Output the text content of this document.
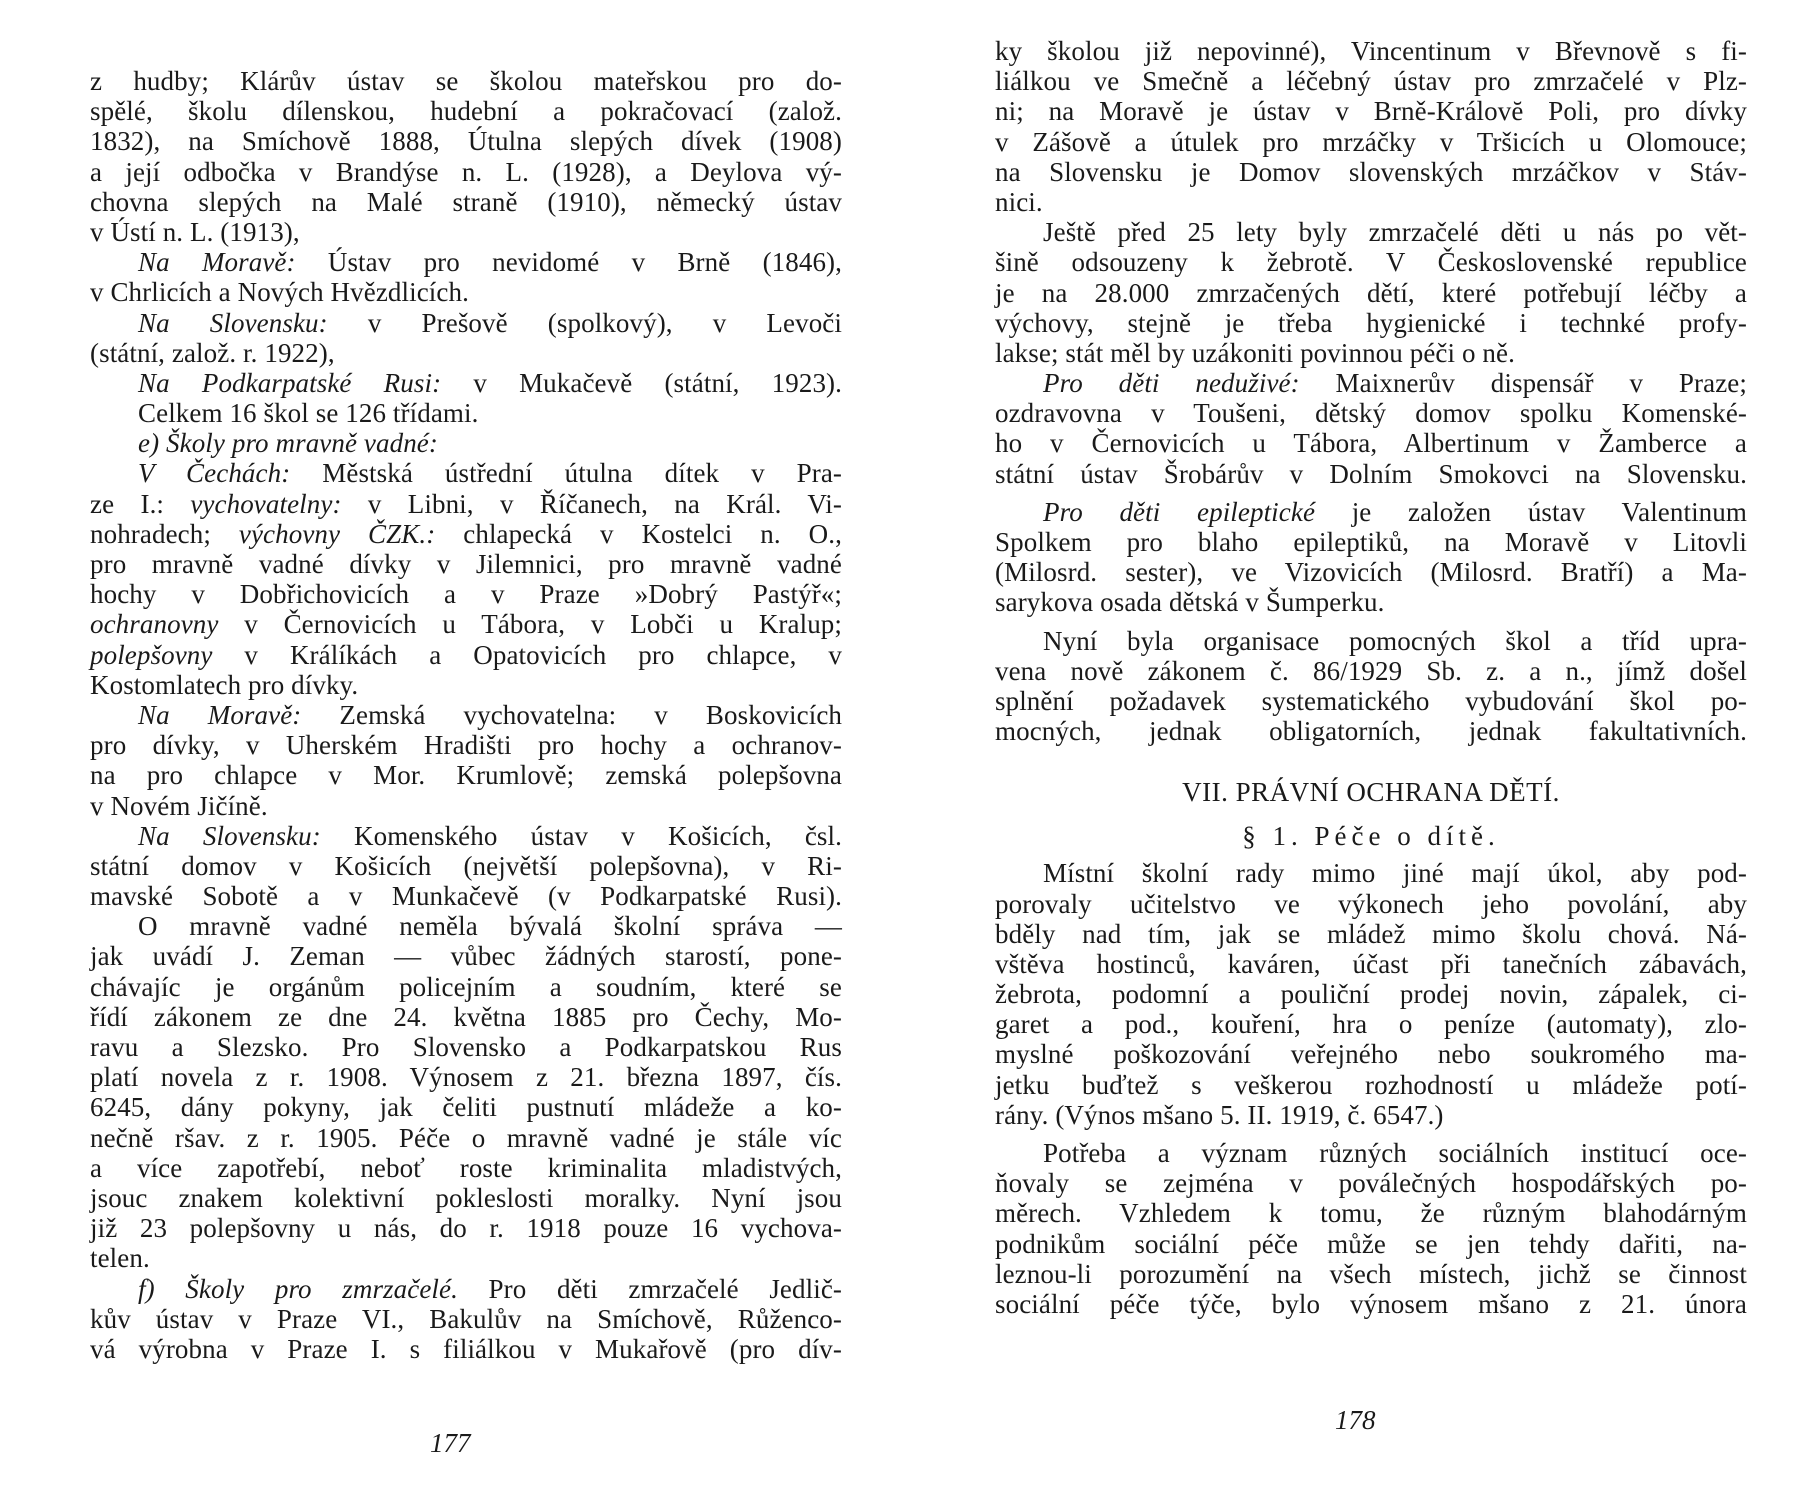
z hudby; Klárův ústav se školou mateřskou pro do-
spělé, školu dílenskou, hudební a pokračovací (založ.
1832), na Smíchově 1888, Útulna slepých dívek (1908)
a její odbočka v Brandýse n. L. (1928), a Deylova vý-
chovna slepých na Malé straně (1910), německý ústav
v Ústí n. L. (1913),
Na Moravě: Ústav pro nevidomé v Brně (1846),
v Chrlicích a Nových Hvězdlicích.
Na Slovensku: v Prešově (spolkový), v Levoči
(státní, založ. r. 1922),
Na Podkarpatské Rusi: v Mukačevě (státní, 1923).
Celkem 16 škol se 126 třídami.
e) Školy pro mravně vadné:
V Čechách: Městská ústřední útulna dítek v Pra-
ze I.: vychovatelny: v Libni, v Říčanech, na Král. Vi-
nohradech; výchovny ČZK.: chlapecká v Kostelci n. O.,
pro mravně vadné dívky v Jilemnici, pro mravně vadné
hochy v Dobřichovicích a v Praze »Dobrý Pastýř«;
ochranovny v Černovicích u Tábora, v Lobči u Kralup;
polepšovny v Králíkách a Opatovicích pro chlapce, v
Kostomlatech pro dívky.
Na Moravě: Zemská vychovatelna: v Boskovicích
pro dívky, v Uherském Hradišti pro hochy a ochranov-
na pro chlapce v Mor. Krumlově; zemská polepšovna
v Novém Jičíně.
Na Slovensku: Komenského ústav v Košicích, čsl.
státní domov v Košicích (největší polepšovna), v Ri-
mavské Sobotě a v Munkačevě (v Podkarpatské Rusi).
O mravně vadné neměla bývalá školní správa —
jak uvádí J. Zeman — vůbec žádných starostí, pone-
chávajíc je orgánům policejním a soudním, které se
řídí zákonem ze dne 24. května 1885 pro Čechy, Mo-
ravu a Slezsko. Pro Slovensko a Podkarpatskou Rus
platí novela z r. 1908. Výnosem z 21. března 1897, čís.
6245, dány pokyny, jak čeliti pustnutí mládeže a ko-
nečně ršav. z r. 1905. Péče o mravně vadné je stále víc
a více zapotřebí, neboť roste kriminalita mladistvých,
jsouc znakem kolektivní pokleslosti moralky. Nyní jsou
již 23 polepšovny u nás, do r. 1918 pouze 16 vychova-
telen.
f) Školy pro zmrzačelé. Pro děti zmrzačelé Jedlič-
kův ústav v Praze VI., Bakulův na Smíchově, Růženco-
vá výrobna v Praze I. s filiálkou v Mukařově (pro dív-
177
ky školou již nepovinné), Vincentinum v Břevnově s fi-
liálkou ve Smečně a léčebný ústav pro zmrzačelé v Plz-
ni; na Moravě je ústav v Brně-Královĕ Poli, pro dívky
v Zášově a útulek pro mrzáčky v Tršicích u Olomouce;
na Slovensku je Domov slovenských mrzáčkov v Stáv-
nici.
Ještě před 25 lety byly zmrzačelé děti u nás po vět-
šině odsouzeny k žebrotě. V Československé republice
je na 28.000 zmrzačených dětí, které potřebují léčby a
výchovy, stejně je třeba hygienické i technké profy-
lakse; stát měl by uzákoniti povinnou péči o ně.
Pro děti neduživé: Maixnerův dispensář v Praze;
ozdravovna v Toušeni, dětský domov spolku Komenské-
ho v Černovicích u Tábora, Albertinum v Žamberce a
státní ústav Šrobárův v Dolním Smokovci na Slovensku.
Pro děti epileptické je založen ústav Valentinum
Spolkem pro blaho epileptiků, na Moravě v Litovli
(Milosrd. sester), ve Vizovicích (Milosrd. Bratří) a Ma-
sarykova osada dětská v Šumperku.
Nyní byla organisace pomocných škol a tříd upra-
vena nově zákonem č. 86/1929 Sb. z. a n., jímž došel
splnění požadavek systematického vybudování škol po-
mocných, jednak obligatorních, jednak fakultativních.
VII. PRÁVNÍ OCHRANA DĚTÍ.
§ 1. Péče o dítě.
Místní školní rady mimo jiné mají úkol, aby pod-
porovaly učitelstvo ve výkonech jeho povolání, aby
bděly nad tím, jak se mládež mimo školu chová. Ná-
vštěva hostinců, kaváren, účast při tanečních zábavách,
žebrota, podomní a pouliční prodej novin, zápalek, ci-
garet a pod., kouření, hra o peníze (automaty), zlo-
myslné poškozování veřejného nebo soukromého ma-
jetku buďtež s veškerou rozhodností u mládeže potí-
rány. (Výnos mšano 5. II. 1919, č. 6547.)
Potřeba a význam různých sociálních institucí oce-
ňovaly se zejména v poválečných hospodářských po-
měrech. Vzhledem k tomu, že různým blahodárným
podnikům sociální péče může se jen tehdy dařiti, na-
leznou-li porozumění na všech místech, jichž se činnost
sociální péče týče, bylo výnosem mšano z 21. února
178
